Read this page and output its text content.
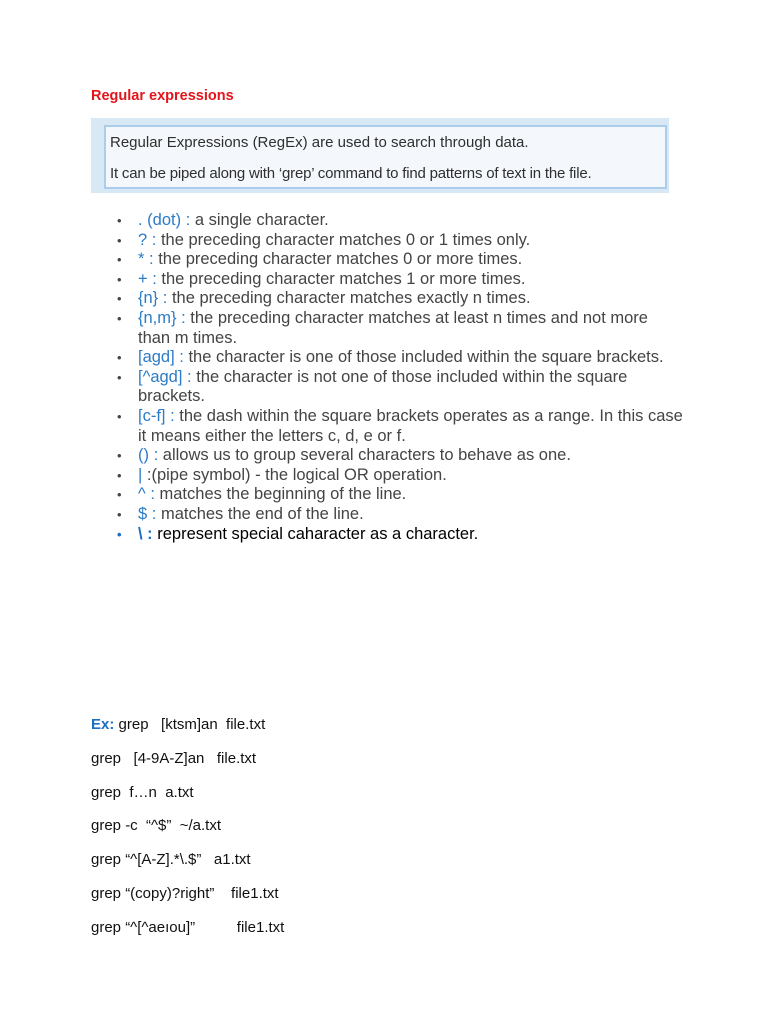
Regular expressions
Regular Expressions (RegEx) are used to search through data.
It can be piped along with ‘grep’ command to find patterns of text in the file.
• . (dot) : a single character.
• ? : the preceding character matches 0 or 1 times only.
• * : the preceding character matches 0 or more times.
• + : the preceding character matches 1 or more times.
• {n} : the preceding character matches exactly n times.
• {n,m} : the preceding character matches at least n times and not more than m times.
• [agd] : the character is one of those included within the square brackets.
• [^agd] : the character is not one of those included within the square brackets.
• [c-f] : the dash within the square brackets operates as a range. In this case it means either the letters c, d, e or f.
• () : allows us to group several characters to behave as one.
• | :(pipe symbol) - the logical OR operation.
• ^ : matches the beginning of the line.
• $ : matches the end of the line.
• \ : represent special caharacter as a character.
Ex: grep   [ktsm]an  file.txt
grep   [4-9A-Z]an   file.txt
grep  f…n  a.txt
grep -c  “^$”  ~/a.txt
grep “^[A-Z].*\.$”   a1.txt
grep “(copy)?right”    file1.txt
grep “^[^aeıou]”          file1.txt
